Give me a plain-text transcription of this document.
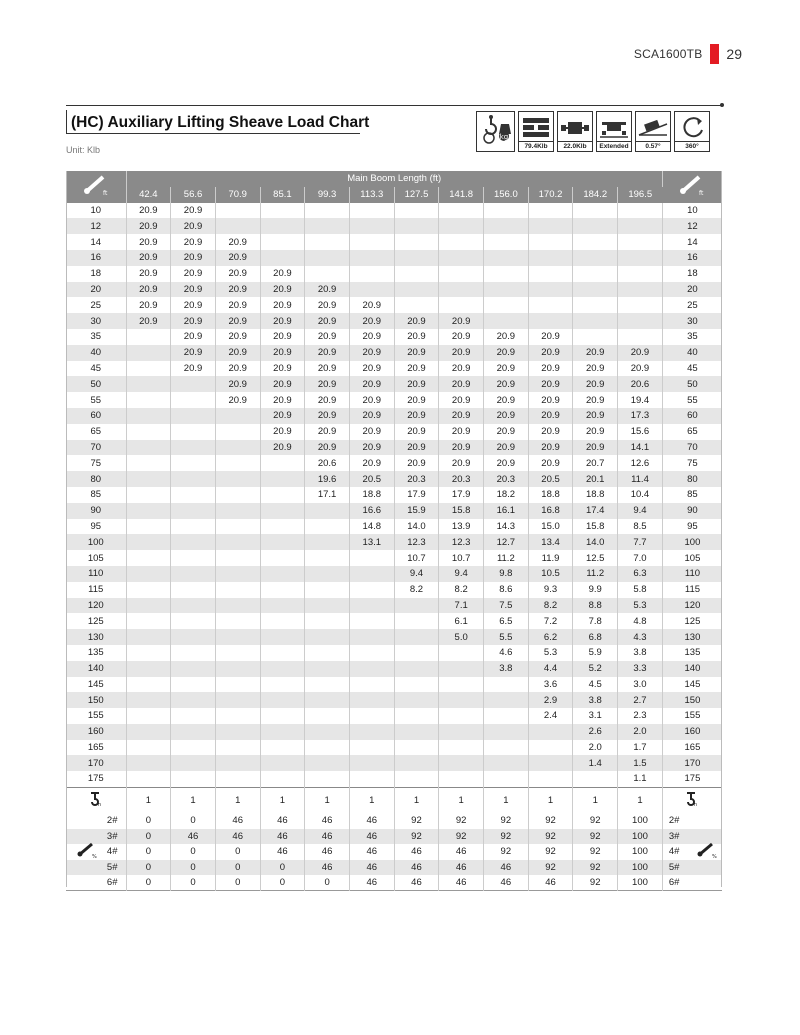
SCA1600TB 29
(HC) Auxiliary Lifting Sheave Load Chart
Unit: Klb
kg
79.4Klb	22.0Klb	Extended	0.57°	360°
ft	Main Boom Length (ft)												ft

	42.4	56.6	70.9	85.1	99.3	113.3	127.5	141.8	156.0	170.2	184.2	196.5	
10	20.9	20.9											10
12	20.9	20.9											12
14	20.9	20.9	20.9										14
16	20.9	20.9	20.9										16
18	20.9	20.9	20.9	20.9									18
20	20.9	20.9	20.9	20.9	20.9								20
25	20.9	20.9	20.9	20.9	20.9	20.9							25
30	20.9	20.9	20.9	20.9	20.9	20.9	20.9	20.9					30
35		20.9	20.9	20.9	20.9	20.9	20.9	20.9	20.9	20.9			35
40		20.9	20.9	20.9	20.9	20.9	20.9	20.9	20.9	20.9	20.9	20.9	40
45		20.9	20.9	20.9	20.9	20.9	20.9	20.9	20.9	20.9	20.9	20.9	45
50			20.9	20.9	20.9	20.9	20.9	20.9	20.9	20.9	20.9	20.6	50
55			20.9	20.9	20.9	20.9	20.9	20.9	20.9	20.9	20.9	19.4	55
60				20.9	20.9	20.9	20.9	20.9	20.9	20.9	20.9	17.3	60
65				20.9	20.9	20.9	20.9	20.9	20.9	20.9	20.9	15.6	65
70				20.9	20.9	20.9	20.9	20.9	20.9	20.9	20.9	14.1	70
75					20.6	20.9	20.9	20.9	20.9	20.9	20.7	12.6	75
80					19.6	20.5	20.3	20.3	20.3	20.5	20.1	11.4	80
85					17.1	18.8	17.9	17.9	18.2	18.8	18.8	10.4	85
90						16.6	15.9	15.8	16.1	16.8	17.4	9.4	90
95						14.8	14.0	13.9	14.3	15.0	15.8	8.5	95
100						13.1	12.3	12.3	12.7	13.4	14.0	7.7	100
105							10.7	10.7	11.2	11.9	12.5	7.0	105
110							9.4	9.4	9.8	10.5	11.2	6.3	110
115							8.2	8.2	8.6	9.3	9.9	5.8	115
120								7.1	7.5	8.2	8.8	5.3	120
125								6.1	6.5	7.2	7.8	4.8	125
130								5.0	5.5	6.2	6.8	4.3	130
135									4.6	5.3	5.9	3.8	135
140									3.8	4.4	5.2	3.3	140
145										3.6	4.5	3.0	145
150										2.9	3.8	2.7	150
155										2.4	3.1	2.3	155
160											2.6	2.0	160
165											2.0	1.7	165
170											1.4	1.5	170
175												1.1	175

n	1	1	1	1	1	1	1	1	1	1	1	1	n

2#	0	0	46	46	46	46	92	92	92	92	92	100	2#
3#	0	46	46	46	46	46	92	92	92	92	92	100	3#

% 4#	0	0	0	46	46	46	46	46	92	92	92	100	4# %

5#	0	0	0	0	46	46	46	46	46	92	92	100	5#
6#	0	0	0	0	0	46	46	46	46	46	92	100	6#
